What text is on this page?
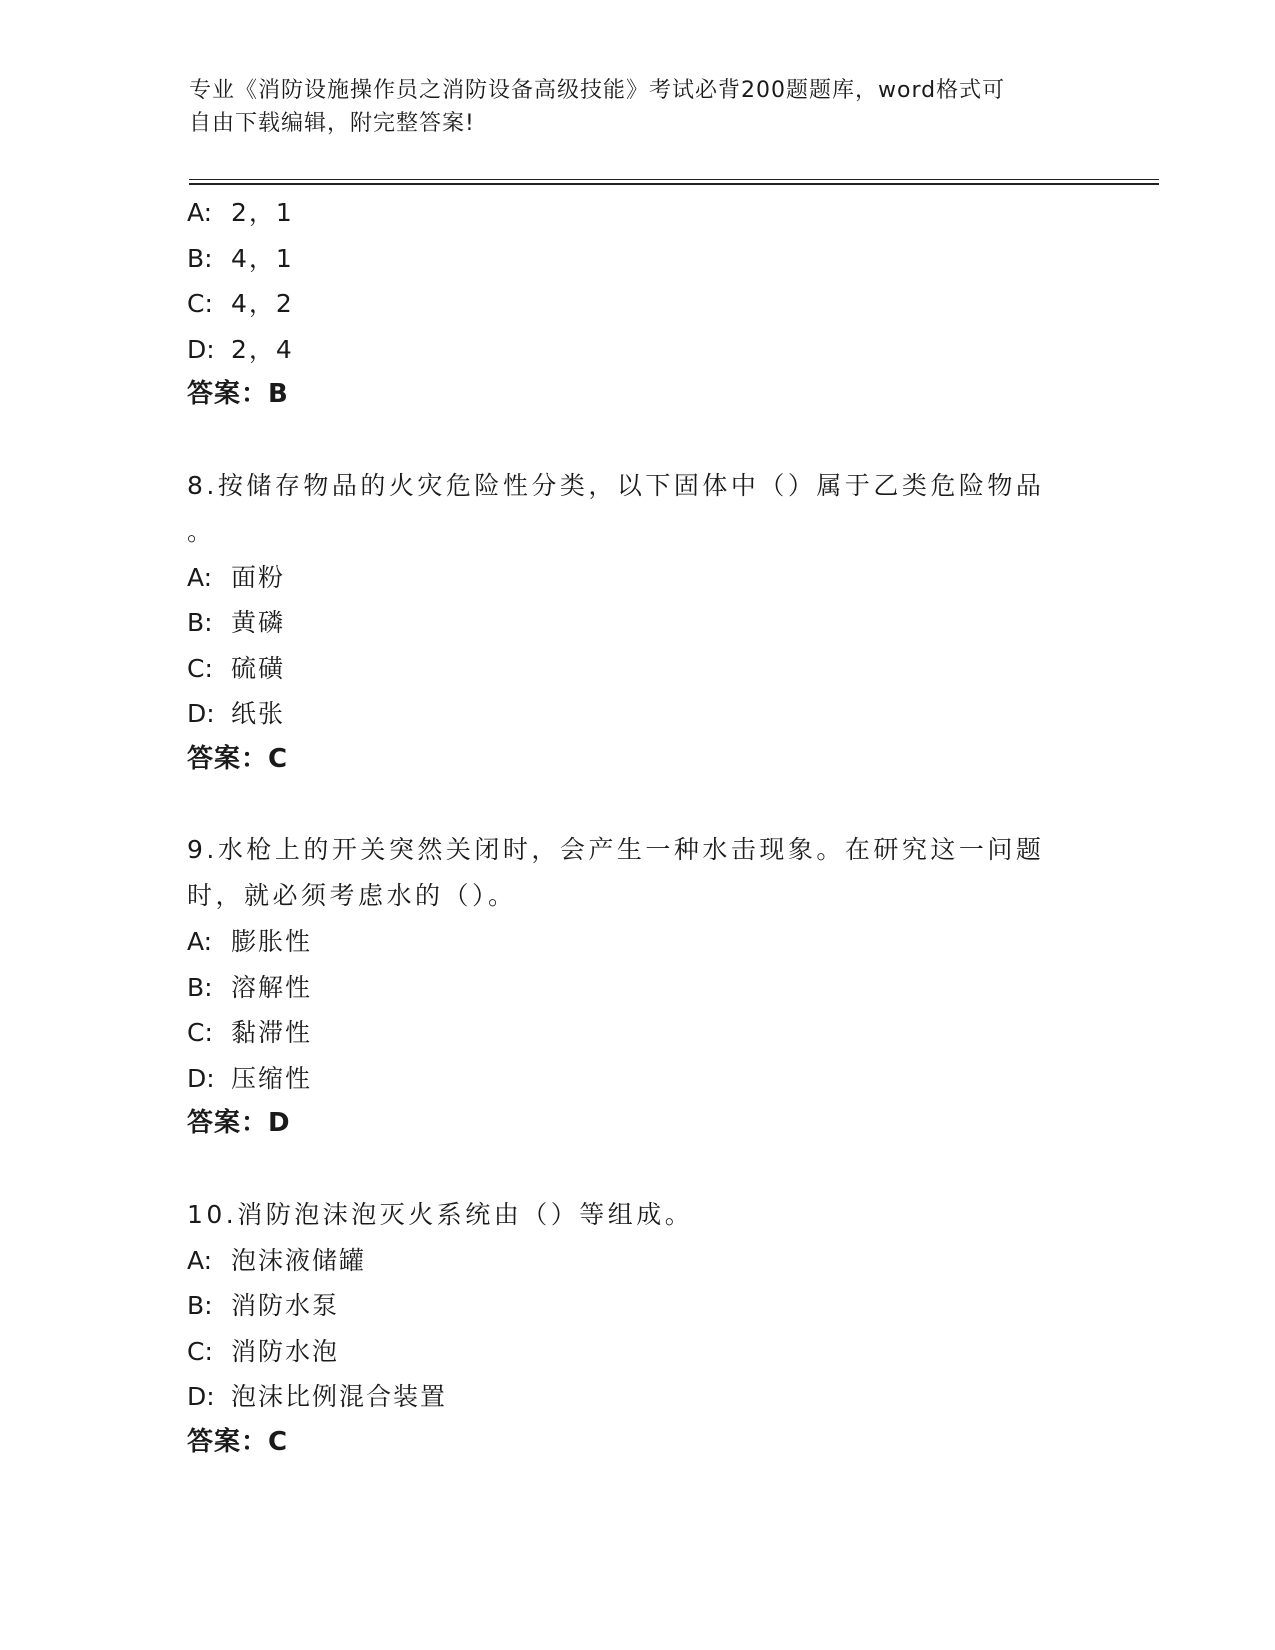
专业《消防设施操作员之消防设备高级技能》考试必背200题题库，word格式可
自由下载编辑，附完整答案!
A: 2，1
B: 4，1
C: 4，2
D: 2，4
答案：B
8.按储存物品的火灾危险性分类，以下固体中（）属于乙类危险物品
。
A: 面粉
B: 黄磷
C: 硫磺
D: 纸张
答案：C
9.水枪上的开关突然关闭时，会产生一种水击现象。在研究这一问题
时，就必须考虑水的（）。
A: 膨胀性
B: 溶解性
C: 黏滞性
D: 压缩性
答案：D
10.消防泡沫泡灭火系统由（）等组成。
A: 泡沫液储罐
B: 消防水泵
C: 消防水泡
D: 泡沫比例混合装置
答案：C
